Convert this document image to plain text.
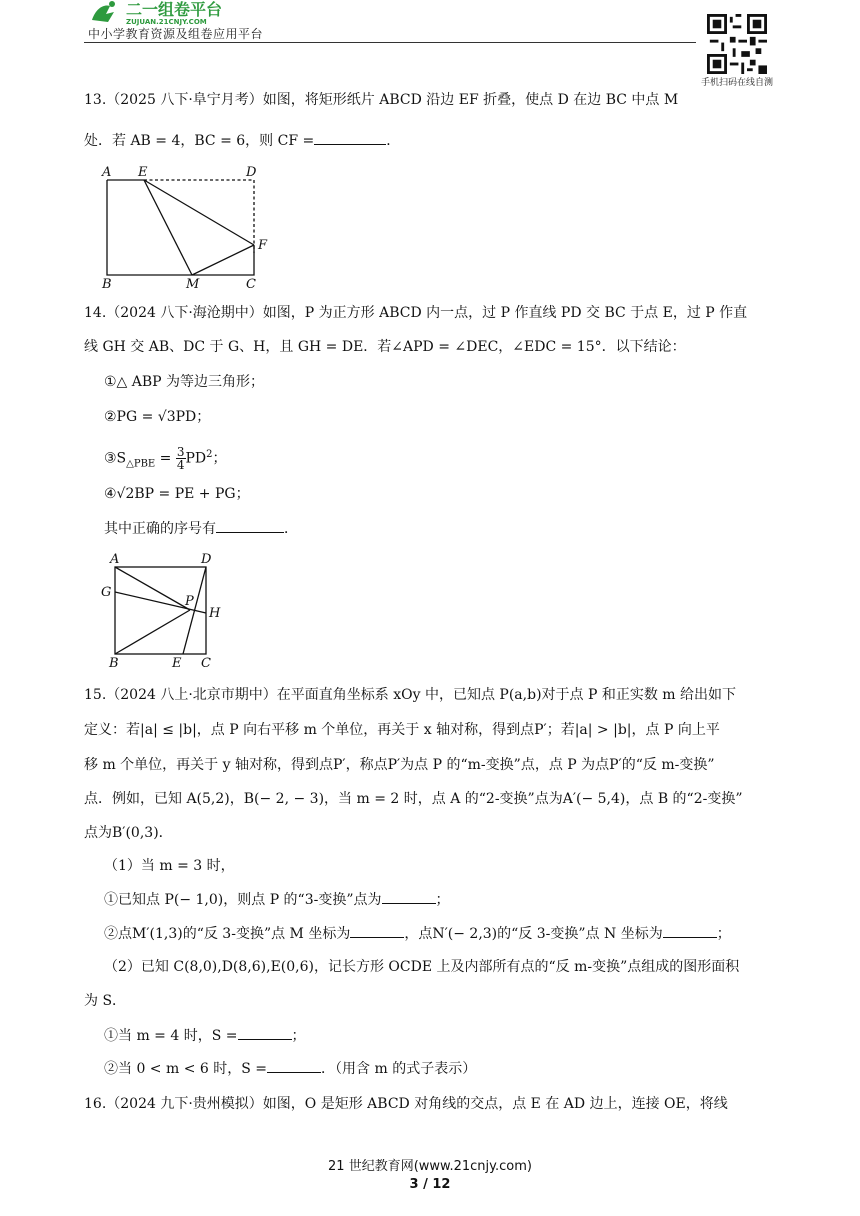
二一组卷平台
ZUJUAN.21CNJY.COM
中小学教育资源及组卷应用平台
手机扫码在线自测
13.（2025 八下·阜宁月考）如图，将矩形纸片 ABCD 沿边 EF 折叠，使点 D 在边 BC 中点 M
处．若 AB = 4，BC = 6，则 CF =	．
A E	D
F
B	M	C
14.（2024 八下·海沧期中）如图，P 为正方形 ABCD 内一点，过 P 作直线 PD 交 BC 于点 E，过 P 作直
线 GH 交 AB、DC 于 G、H，且 GH = DE．若∠APD = ∠DEC，∠EDC = 15°．以下结论：
①△ ABP 为等边三角形；
②PG = √3PD；
$③S_{\triangle PBE} = \frac{3}{4} PD^2$；
④√2BP = PE + PG；
其中正确的序号有	．
A	D
G
P
H
B	E C
15.（2024 八上·北京市期中）在平面直角坐标系 xOy 中，已知点 P(a,b)对于点 P 和正实数 m 给出如下
定义：若|a| ≤ |b|，点 P 向右平移 m 个单位，再关于 x 轴对称，得到点P′；若|a| > |b|，点 P 向上平
移 m 个单位，再关于 y 轴对称，得到点P′，称点P′为点 P 的“m-变换”点，点 P 为点P′的“反 m-变换”
点．例如，已知 A(5,2)，B(− 2, − 3)，当 m = 2 时，点 A 的“2-变换”点为A′(− 5,4)，点 B 的“2-变换”
点为B′(0,3)．
（1）当 m = 3 时，
①已知点 P(− 1,0)，则点 P 的“3-变换”点为	；
②点M′(1,3)的“反 3-变换”点 M 坐标为	，点N′(− 2,3)的“反 3-变换”点 N 坐标为	；
（2）已知 C(8,0),D(8,6),E(0,6)，记长方形 OCDE 上及内部所有点的“反 m-变换”点组成的图形面积
为 S．
①当 m = 4 时，S =	；
②当 0 < m < 6 时，S =	．（用含 m 的式子表示）
16.（2024 九下·贵州模拟）如图，O 是矩形 ABCD 对角线的交点，点 E 在 AD 边上，连接 OE，将线
21 世纪教育网(www.21cnjy.com)
3 / 12
